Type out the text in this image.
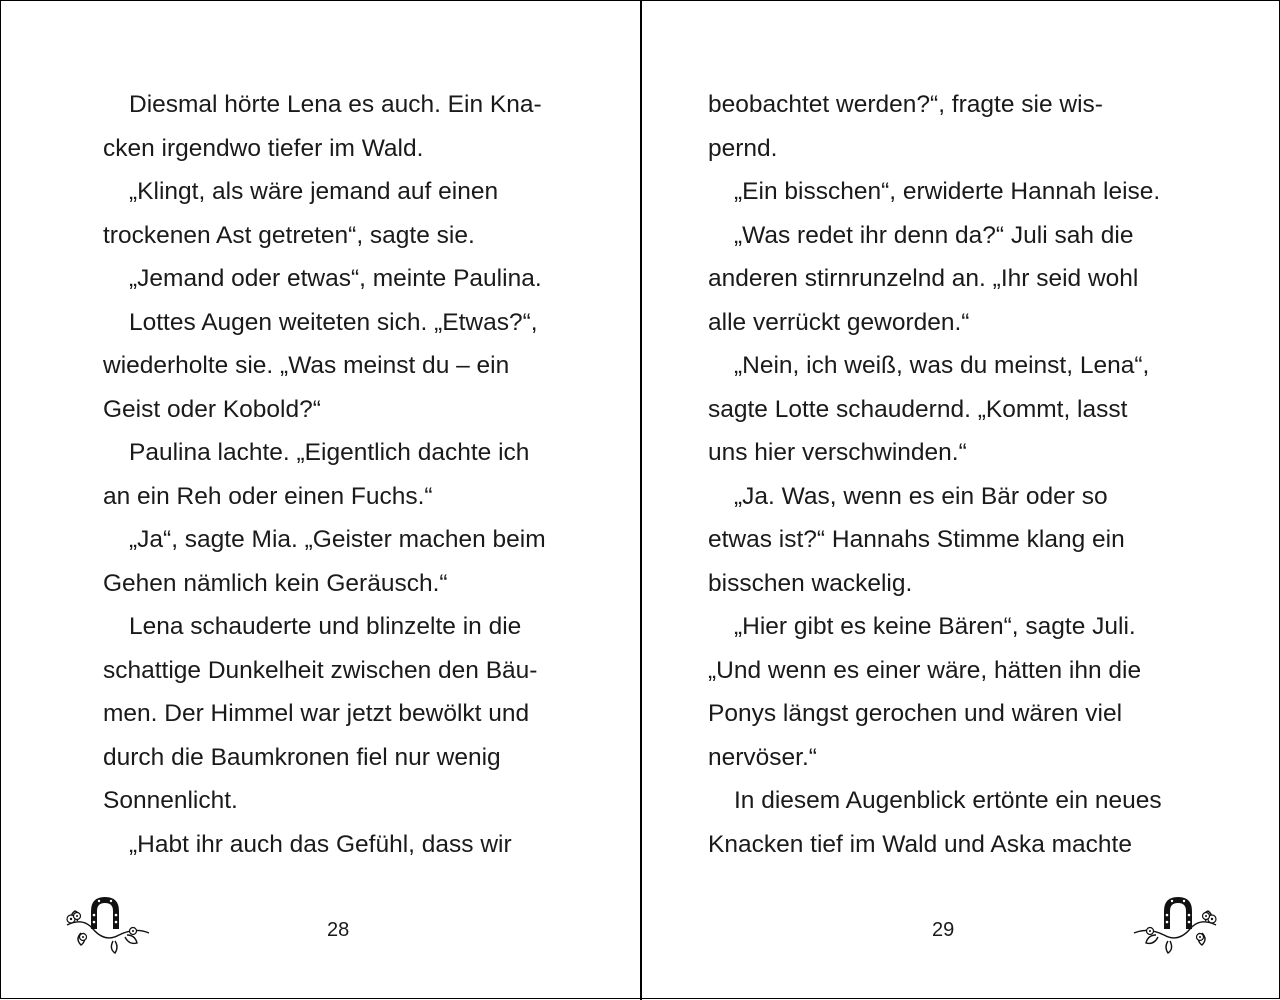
Diesmal hörte Lena es auch. Ein Kna-
cken irgendwo tiefer im Wald.
„Klingt, als wäre jemand auf einen
trockenen Ast getreten“, sagte sie.
„Jemand oder etwas“, meinte Paulina.
Lottes Augen weiteten sich. „Etwas?“,
wiederholte sie. „Was meinst du – ein
Geist oder Kobold?“
Paulina lachte. „Eigentlich dachte ich
an ein Reh oder einen Fuchs.“
„Ja“, sagte Mia. „Geister machen beim
Gehen nämlich kein Geräusch.“
Lena schauderte und blinzelte in die
schattige Dunkelheit zwischen den Bäu-
men. Der Himmel war jetzt bewölkt und
durch die Baumkronen fiel nur wenig
Sonnenlicht.
„Habt ihr auch das Gefühl, dass wir
28
beobachtet werden?“, fragte sie wis-
pernd.
„Ein bisschen“, erwiderte Hannah leise.
„Was redet ihr denn da?“ Juli sah die
anderen stirnrunzelnd an. „Ihr seid wohl
alle verrückt geworden.“
„Nein, ich weiß, was du meinst, Lena“,
sagte Lotte schaudernd. „Kommt, lasst
uns hier verschwinden.“
„Ja. Was, wenn es ein Bär oder so
etwas ist?“ Hannahs Stimme klang ein
bisschen wackelig.
„Hier gibt es keine Bären“, sagte Juli.
„Und wenn es einer wäre, hätten ihn die
Ponys längst gerochen und wären viel
nervöser.“
In diesem Augenblick ertönte ein neues
Knacken tief im Wald und Aska machte
29
